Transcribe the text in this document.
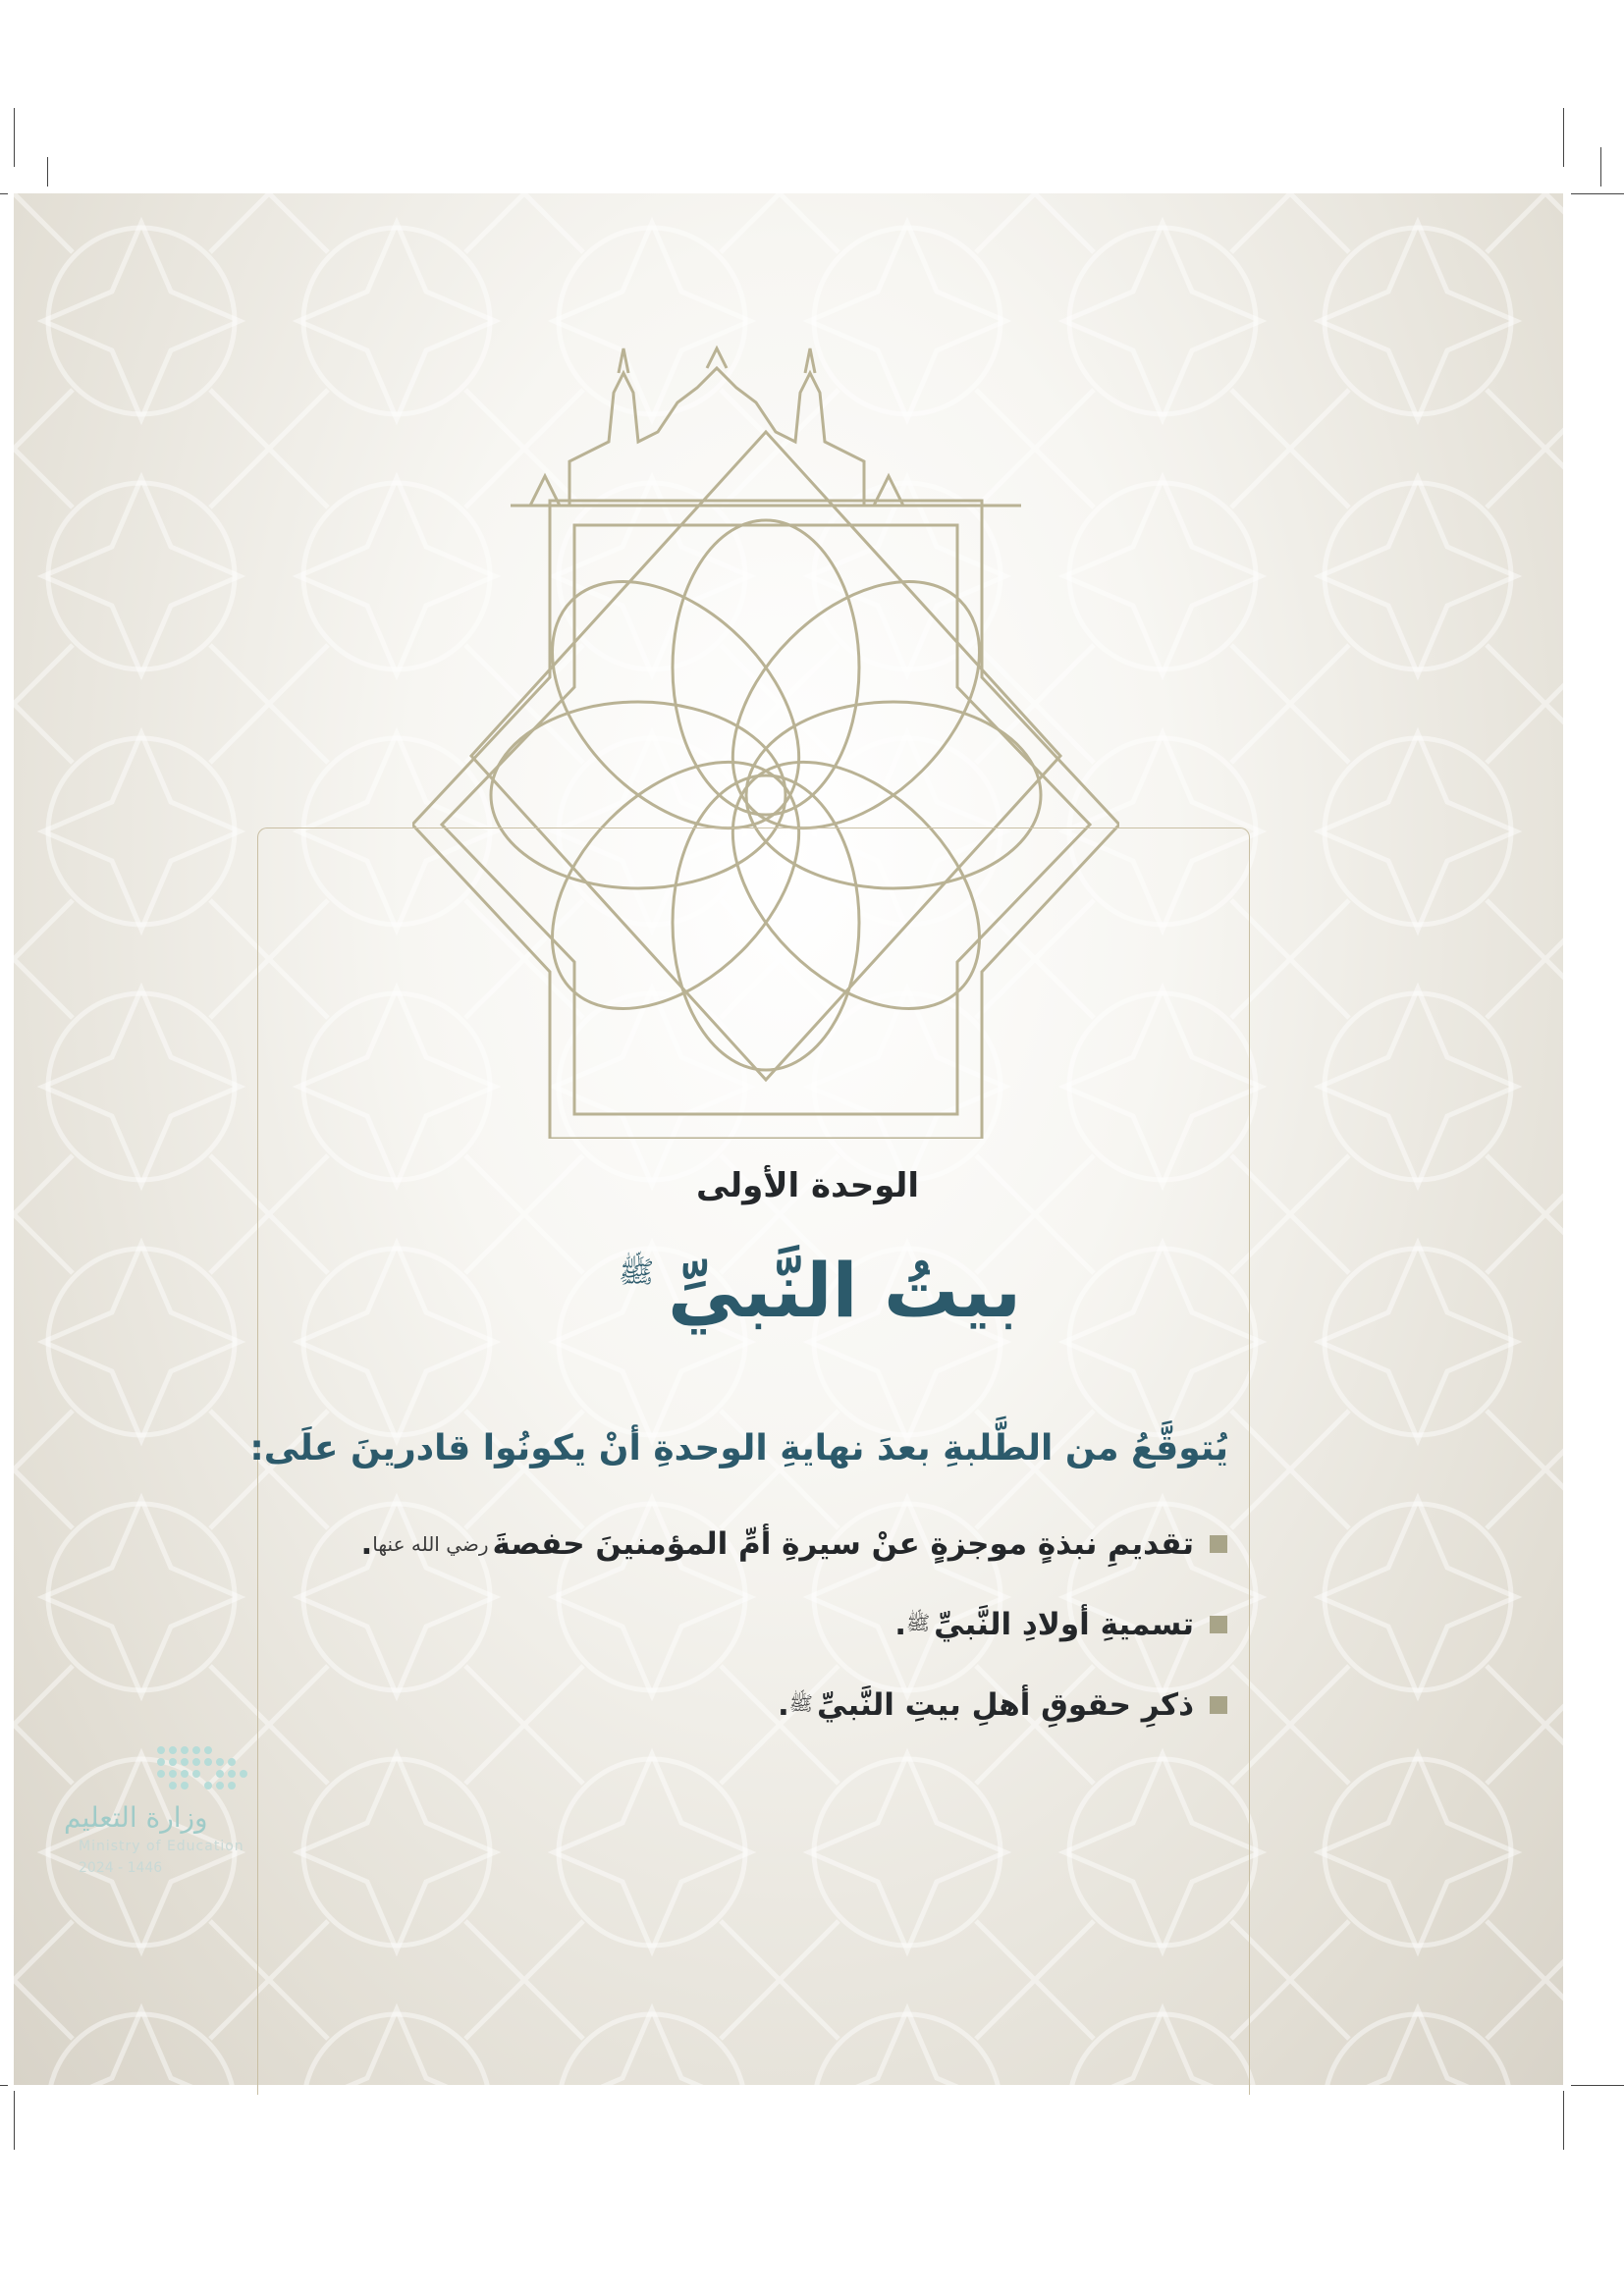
الوحدة الأولى
بيتُ النَّبيِّ
ﷺ
يُتوقَّعُ من الطَّلبةِ بعدَ نهايةِ الوحدةِ أنْ يكونُوا قادرينَ علَى:
تقديمِ نبذةٍ موجزةٍ عنْ سيرةِ أمِّ المؤمنينَ حفصةَ
رضي الله عنها
.
تسميةِ أولادِ النَّبيِّ
ﷺ
.
ذكرِ حقوقِ أهلِ بيتِ النَّبيِّ
ﷺ
.
وزارة التعليم
Ministry of Education
2024 - 1446
